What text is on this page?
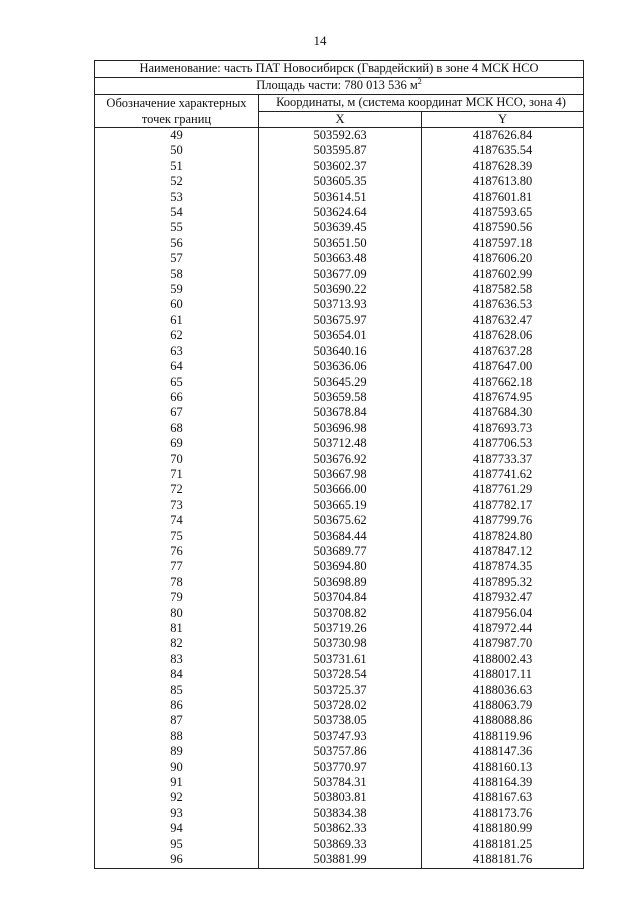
14
Наименование: часть ПАТ Новосибирск (Гвардейский) в зоне 4 МСК НСО		
Площадь части: 780 013 536 $м^2$
Обозначение характерных
точек границ	Координаты, м (система координат МСК НСО, зона 4)	
	X	Y
49	503592.63	4187626.84
50	503595.87	4187635.54
51	503602.37	4187628.39
52	503605.35	4187613.80
53	503614.51	4187601.81
54	503624.64	4187593.65
55	503639.45	4187590.56
56	503651.50	4187597.18
57	503663.48	4187606.20
58	503677.09	4187602.99
59	503690.22	4187582.58
60	503713.93	4187636.53
61	503675.97	4187632.47
62	503654.01	4187628.06
63	503640.16	4187637.28
64	503636.06	4187647.00
65	503645.29	4187662.18
66	503659.58	4187674.95
67	503678.84	4187684.30
68	503696.98	4187693.73
69	503712.48	4187706.53
70	503676.92	4187733.37
71	503667.98	4187741.62
72	503666.00	4187761.29
73	503665.19	4187782.17
74	503675.62	4187799.76
75	503684.44	4187824.80
76	503689.77	4187847.12
77	503694.80	4187874.35
78	503698.89	4187895.32
79	503704.84	4187932.47
80	503708.82	4187956.04
81	503719.26	4187972.44
82	503730.98	4187987.70
83	503731.61	4188002.43
84	503728.54	4188017.11
85	503725.37	4188036.63
86	503728.02	4188063.79
87	503738.05	4188088.86
88	503747.93	4188119.96
89	503757.86	4188147.36
90	503770.97	4188160.13
91	503784.31	4188164.39
92	503803.81	4188167.63
93	503834.38	4188173.76
94	503862.33	4188180.99
95	503869.33	4188181.25
96	503881.99	4188181.76
